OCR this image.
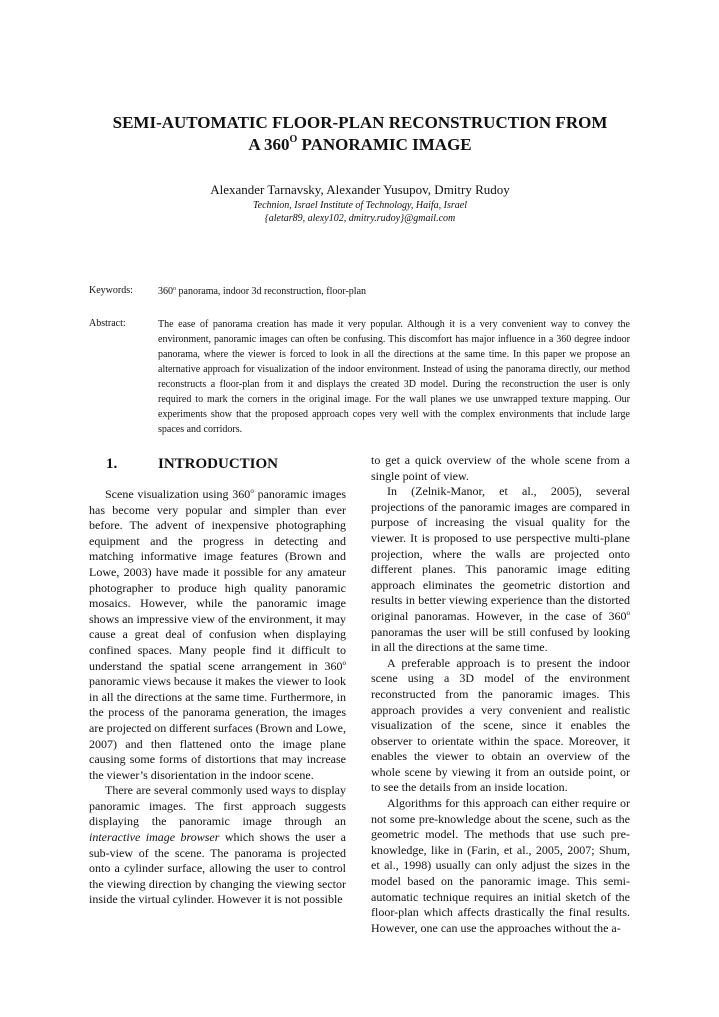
SEMI-AUTOMATIC FLOOR-PLAN RECONSTRUCTION FROM
A $360^O$ PANORAMIC IMAGE
Alexander Tarnavsky, Alexander Yusupov, Dmitry Rudoy
Technion, Israel Institute of Technology, Haifa, Israel
{aletar89, alexy102, dmitry.rudoy}@gmail.com
Keywords:	360$^o$ panorama, indoor 3d reconstruction, floor-plan
Abstract:	The ease of panorama creation has made it very popular. Although it is a very convenient way to convey the environment, panoramic images can often be confusing. This discomfort has major influence in a 360 degree indoor panorama, where the viewer is forced to look in all the directions at the same time. In this paper we propose an alternative approach for visualization of the indoor environment. Instead of using the panorama directly, our method reconstructs a floor-plan from it and displays the created 3D model. During the reconstruction the user is only required to mark the corners in the original image. For the wall planes we use unwrapped texture mapping. Our experiments show that the proposed approach copes very well with the complex environments that include large spaces and corridors.
1.	INTRODUCTION

Scene visualization using 360$^o$ panoramic images has become very popular and simpler than ever before. The advent of inexpensive photographing equipment and the progress in detecting and matching informative image features (Brown and Lowe, 2003) have made it possible for any amateur photographer to produce high quality panoramic mosaics. However, while the panoramic image shows an impressive view of the environment, it may cause a great deal of confusion when displaying confined spaces. Many people find it difficult to understand the spatial scene arrangement in 360$^o$ panoramic views because it makes the viewer to look in all the directions at the same time. Furthermore, in the process of the panorama generation, the images are projected on different surfaces (Brown and Lowe, 2007) and then flattened onto the image plane causing some forms of distortions that may increase the viewer’s disorientation in the indoor scene.

There are several commonly used ways to display panoramic images. The first approach suggests displaying the panoramic image through an interactive image browser which shows the user a sub-view of the scene. The panorama is projected onto a cylinder surface, allowing the user to control the viewing direction by changing the viewing sector inside the virtual cylinder. However it is not possible

to get a quick overview of the whole scene from a single point of view.

In (Zelnik-Manor, et al., 2005), several projections of the panoramic images are compared in purpose of increasing the visual quality for the viewer. It is proposed to use perspective multi-plane projection, where the walls are projected onto different planes. This panoramic image editing approach eliminates the geometric distortion and results in better viewing experience than the distorted original panoramas. However, in the case of 360$^o$ panoramas the user will be still confused by looking in all the directions at the same time.

A preferable approach is to present the indoor scene using a 3D model of the environment reconstructed from the panoramic images. This approach provides a very convenient and realistic visualization of the scene, since it enables the observer to orientate within the space. Moreover, it enables the viewer to obtain an overview of the whole scene by viewing it from an outside point, or to see the details from an inside location.

Algorithms for this approach can either require or not some pre-knowledge about the scene, such as the geometric model. The methods that use such pre-knowledge, like in (Farin, et al., 2005, 2007; Shum, et al., 1998) usually can only adjust the sizes in the model based on the panoramic image. This semi-automatic technique requires an initial sketch of the floor-plan which affects drastically the final results. However, one can use the approaches without the a-
